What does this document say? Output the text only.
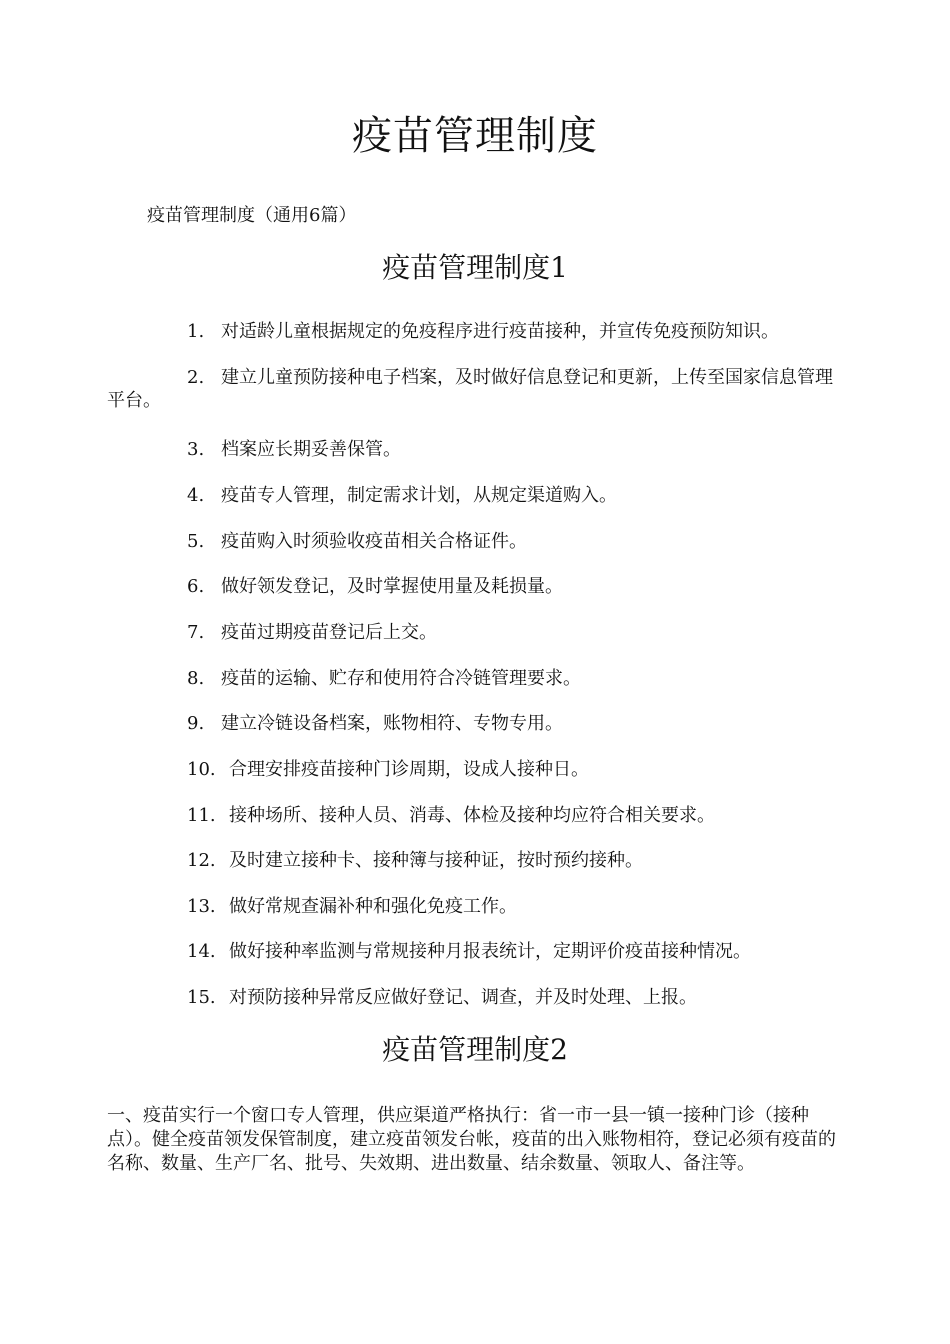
疫苗管理制度

疫苗管理制度（通用6篇）

疫苗管理制度1

1. 对适龄儿童根据规定的免疫程序进行疫苗接种，并宣传免疫预防知识。

2. 建立儿童预防接种电子档案，及时做好信息登记和更新，上传至国家信息管理平台。

3. 档案应长期妥善保管。

4. 疫苗专人管理，制定需求计划，从规定渠道购入。

5. 疫苗购入时须验收疫苗相关合格证件。

6. 做好领发登记，及时掌握使用量及耗损量。

7. 疫苗过期疫苗登记后上交。

8. 疫苗的运输、贮存和使用符合冷链管理要求。

9. 建立冷链设备档案，账物相符、专物专用。

10. 合理安排疫苗接种门诊周期，设成人接种日。

11. 接种场所、接种人员、消毒、体检及接种均应符合相关要求。

12. 及时建立接种卡、接种簿与接种证，按时预约接种。

13. 做好常规查漏补种和强化免疫工作。

14. 做好接种率监测与常规接种月报表统计，定期评价疫苗接种情况。

15. 对预防接种异常反应做好登记、调查，并及时处理、上报。

疫苗管理制度2

一、疫苗实行一个窗口专人管理，供应渠道严格执行：省一市一县一镇一接种门诊（接种点）。健全疫苗领发保管制度，建立疫苗领发台帐，疫苗的出入账物相符，登记必须有疫苗的名称、数量、生产厂名、批号、失效期、进出数量、结余数量、领取人、备注等。
